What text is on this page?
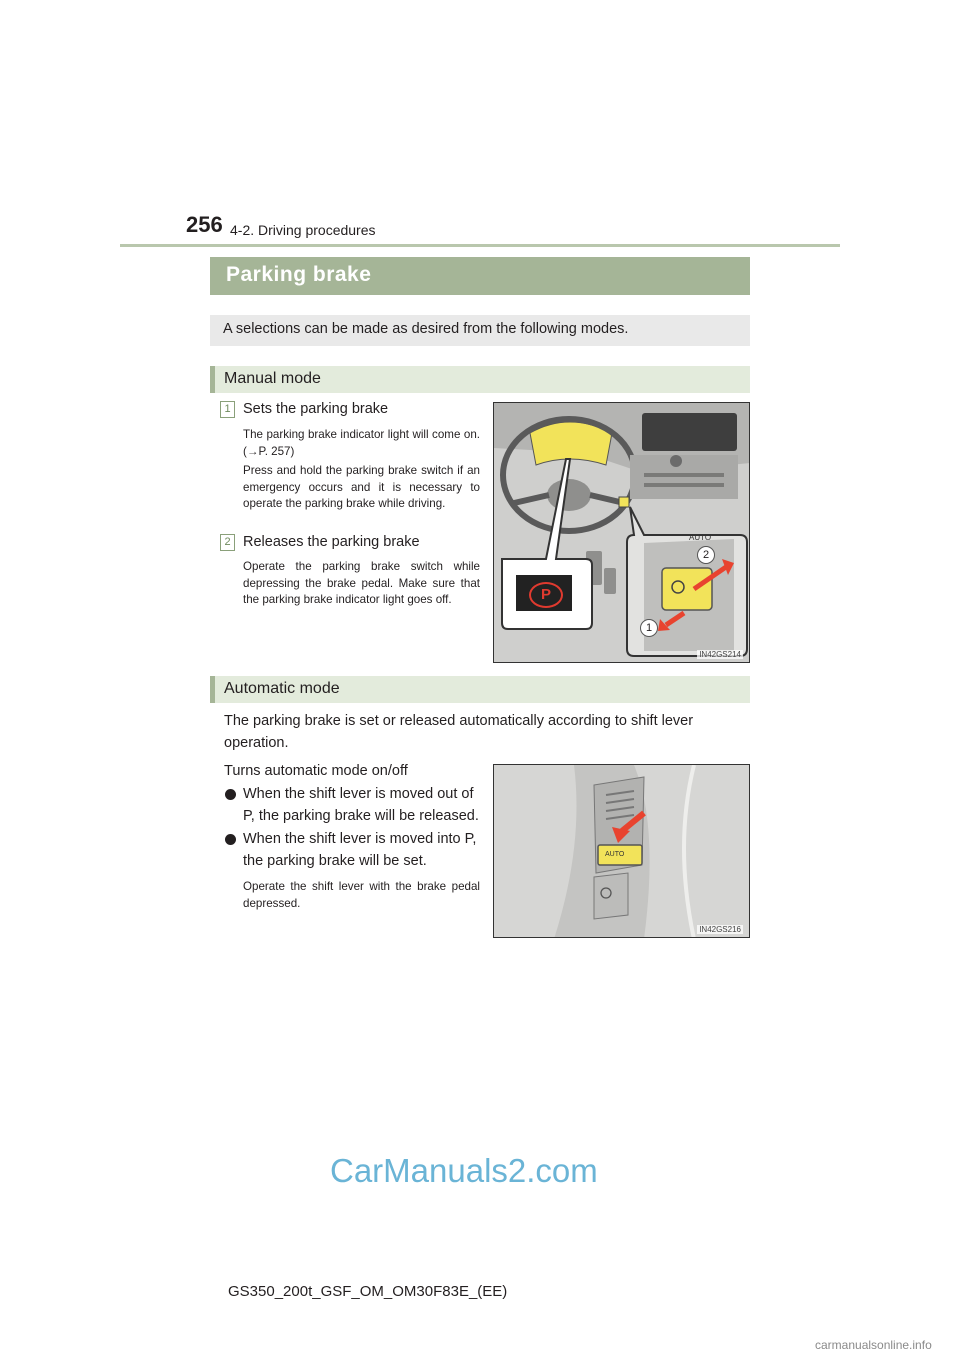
256 4-2. Driving procedures
Parking brake
A selections can be made as desired from the following modes.
Manual mode
1 Sets the parking brake
The parking brake indicator light will come on. (→P. 257)
Press and hold the parking brake switch if an emergency occurs and it is necessary to operate the parking brake while driving.
2 Releases the parking brake
Operate the parking brake switch while depressing the brake pedal. Make sure that the parking brake indicator light goes off.	P
AUTO
2
1
IN42GS214
Automatic mode
The parking brake is set or released automatically according to shift lever operation.
Turns automatic mode on/off
When the shift lever is moved out of P, the parking brake will be released.
When the shift lever is moved into P, the parking brake will be set.
Operate the shift lever with the brake pedal depressed.
AUTO
IN42GS216
CarManuals2.com
GS350_200t_GSF_OM_OM30F83E_(EE)
carmanualsonline.info
